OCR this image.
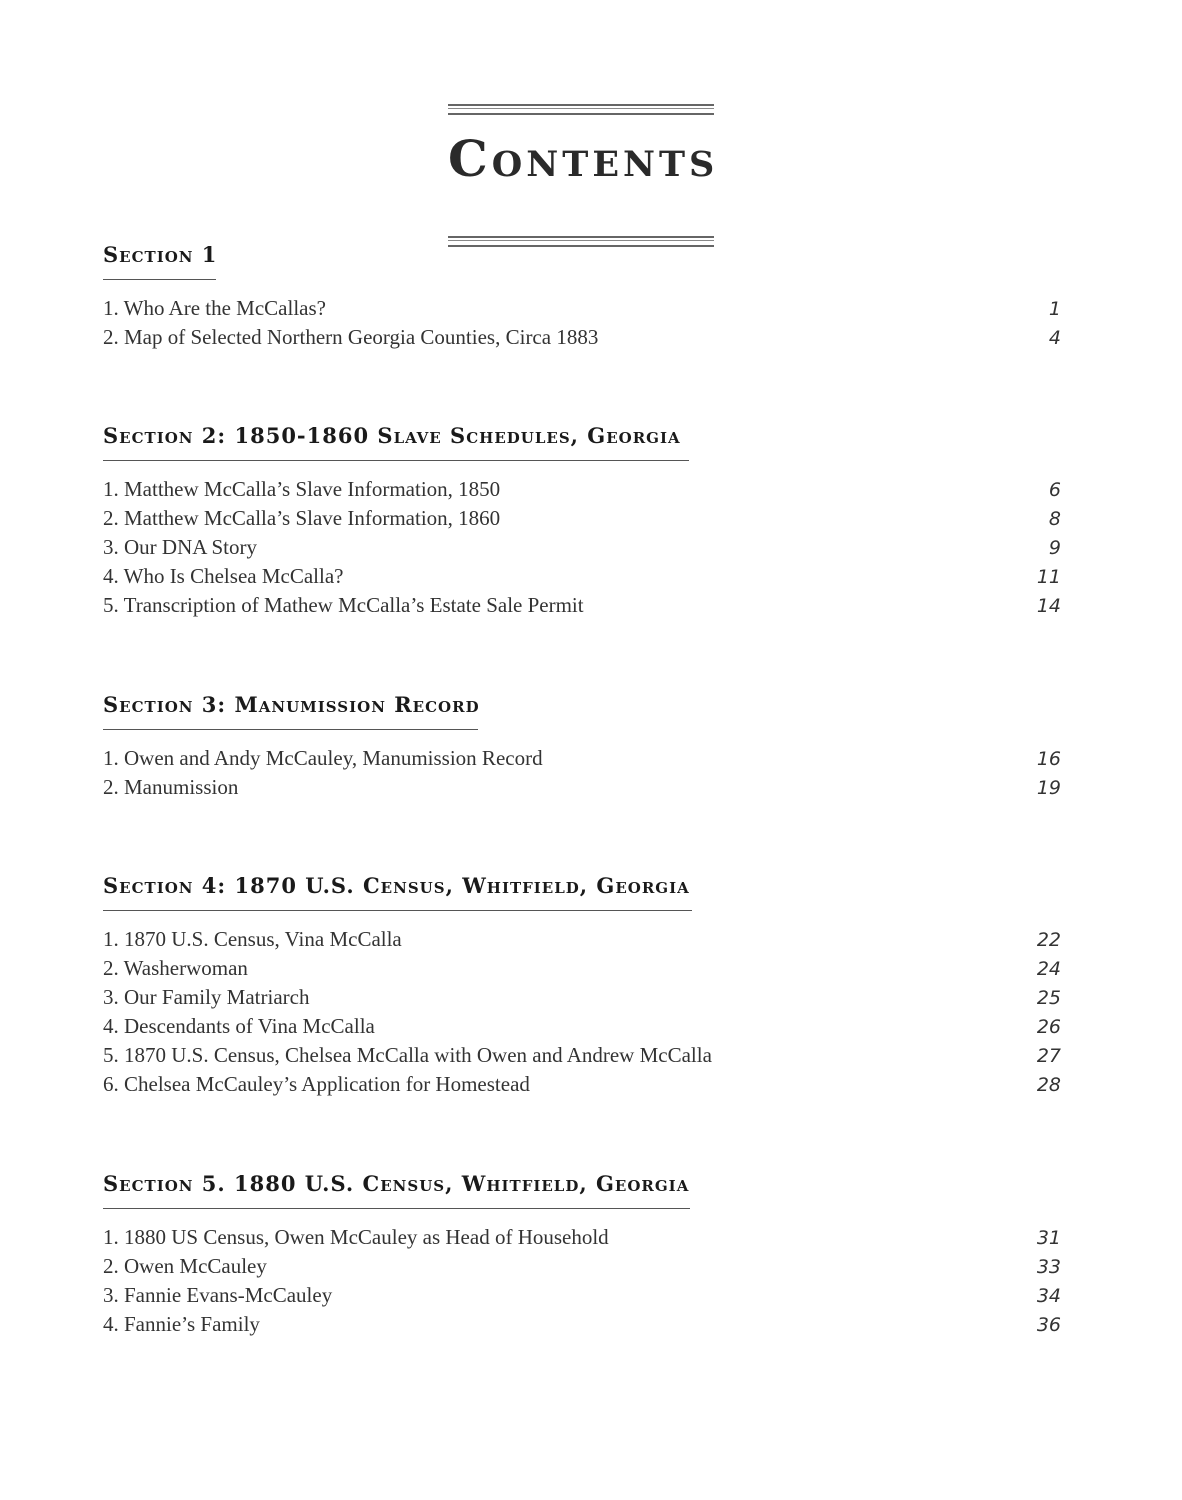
Contents
Section 1
1. Who Are the McCallas?	1
2. Map of Selected Northern Georgia Counties, Circa 1883	4
Section 2: 1850-1860 Slave Schedules, Georgia
1. Matthew McCalla’s Slave Information, 1850	6
2. Matthew McCalla’s Slave Information, 1860	8
3. Our DNA Story	9
4. Who Is Chelsea McCalla?	11
5. Transcription of Mathew McCalla’s Estate Sale Permit	14
Section 3: Manumission Record
1. Owen and Andy McCauley, Manumission Record	16
2. Manumission	19
Section 4: 1870 U.S. Census, Whitfield, Georgia
1. 1870 U.S. Census, Vina McCalla	22
2. Washerwoman	24
3. Our Family Matriarch	25
4. Descendants of Vina McCalla	26
5. 1870 U.S. Census, Chelsea McCalla with Owen and Andrew McCalla	27
6. Chelsea McCauley’s Application for Homestead	28
Section 5. 1880 U.S. Census, Whitfield, Georgia
1. 1880 US Census, Owen McCauley as Head of Household	31
2. Owen McCauley	33
3. Fannie Evans-McCauley	34
4. Fannie’s Family	36
